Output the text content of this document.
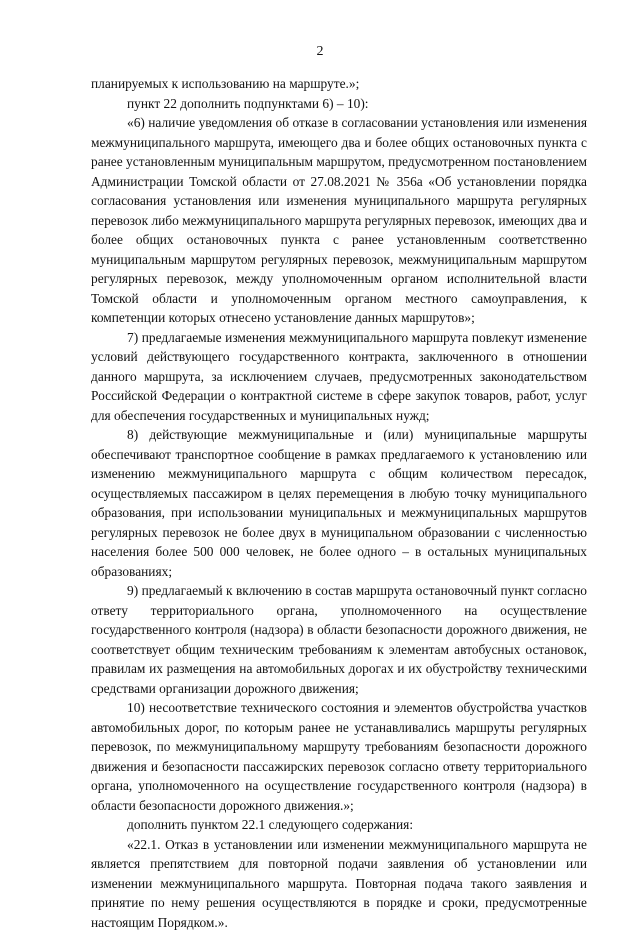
2

планируемых к использованию на маршруте.»;

пункт 22 дополнить подпунктами 6) – 10):

«6) наличие уведомления об отказе в согласовании установления или изменения межмуниципального маршрута, имеющего два и более общих остановочных пункта с ранее установленным муниципальным маршрутом, предусмотренном постановлением Администрации Томской области от 27.08.2021 № 356а «Об установлении порядка согласования установления или изменения муниципального маршрута регулярных перевозок либо межмуниципального маршрута регулярных перевозок, имеющих два и более общих остановочных пункта с ранее установленным соответственно муниципальным маршрутом регулярных перевозок, межмуниципальным маршрутом регулярных перевозок, между уполномоченным органом исполнительной власти Томской области и уполномоченным органом местного самоуправления, к компетенции которых отнесено установление данных маршрутов»;

7) предлагаемые изменения межмуниципального маршрута повлекут изменение условий действующего государственного контракта, заключенного в отношении данного маршрута, за исключением случаев, предусмотренных законодательством Российской Федерации о контрактной системе в сфере закупок товаров, работ, услуг для обеспечения государственных и муниципальных нужд;

8) действующие межмуниципальные и (или) муниципальные маршруты обеспечивают транспортное сообщение в рамках предлагаемого к установлению или изменению межмуниципального маршрута с общим количеством пересадок, осуществляемых пассажиром в целях перемещения в любую точку муниципального образования, при использовании муниципальных и межмуниципальных маршрутов регулярных перевозок не более двух в муниципальном образовании с численностью населения более 500 000 человек, не более одного – в остальных муниципальных образованиях;

9) предлагаемый к включению в состав маршрута остановочный пункт согласно ответу территориального органа, уполномоченного на осуществление государственного контроля (надзора) в области безопасности дорожного движения, не соответствует общим техническим требованиям к элементам автобусных остановок, правилам их размещения на автомобильных дорогах и их обустройству техническими средствами организации дорожного движения;

10) несоответствие технического состояния и элементов обустройства участков автомобильных дорог, по которым ранее не устанавливались маршруты регулярных перевозок, по межмуниципальному маршруту требованиям безопасности дорожного движения и безопасности пассажирских перевозок согласно ответу территориального органа, уполномоченного на осуществление государственного контроля (надзора) в области безопасности дорожного движения.»;

дополнить пунктом 22.1 следующего содержания:

«22.1. Отказ в установлении или изменении межмуниципального маршрута не является препятствием для повторной подачи заявления об установлении или изменении межмуниципального маршрута. Повторная подача такого заявления и принятие по нему решения осуществляются в порядке и сроки, предусмотренные настоящим Порядком.».
